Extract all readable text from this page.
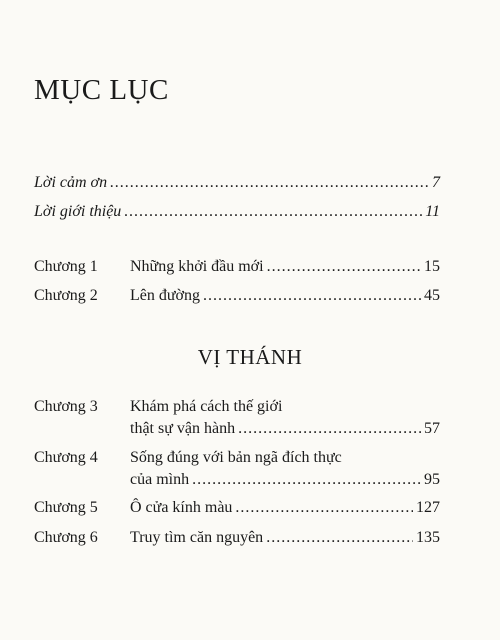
MỤC LỤC
Lời cảm ơn .....	7
Lời giới thiệu .....	11
Chương 1 Những khởi đầu mới .....	15
Chương 2 Lên đường .....	45
VỊ THÁNH
Chương 3 Khám phá cách thế giới
thật sự vận hành .....	57
Chương 4 Sống đúng với bản ngã đích thực
của mình .....	95
Chương 5 Ô cửa kính màu .....	127
Chương 6 Truy tìm căn nguyên .....	135
